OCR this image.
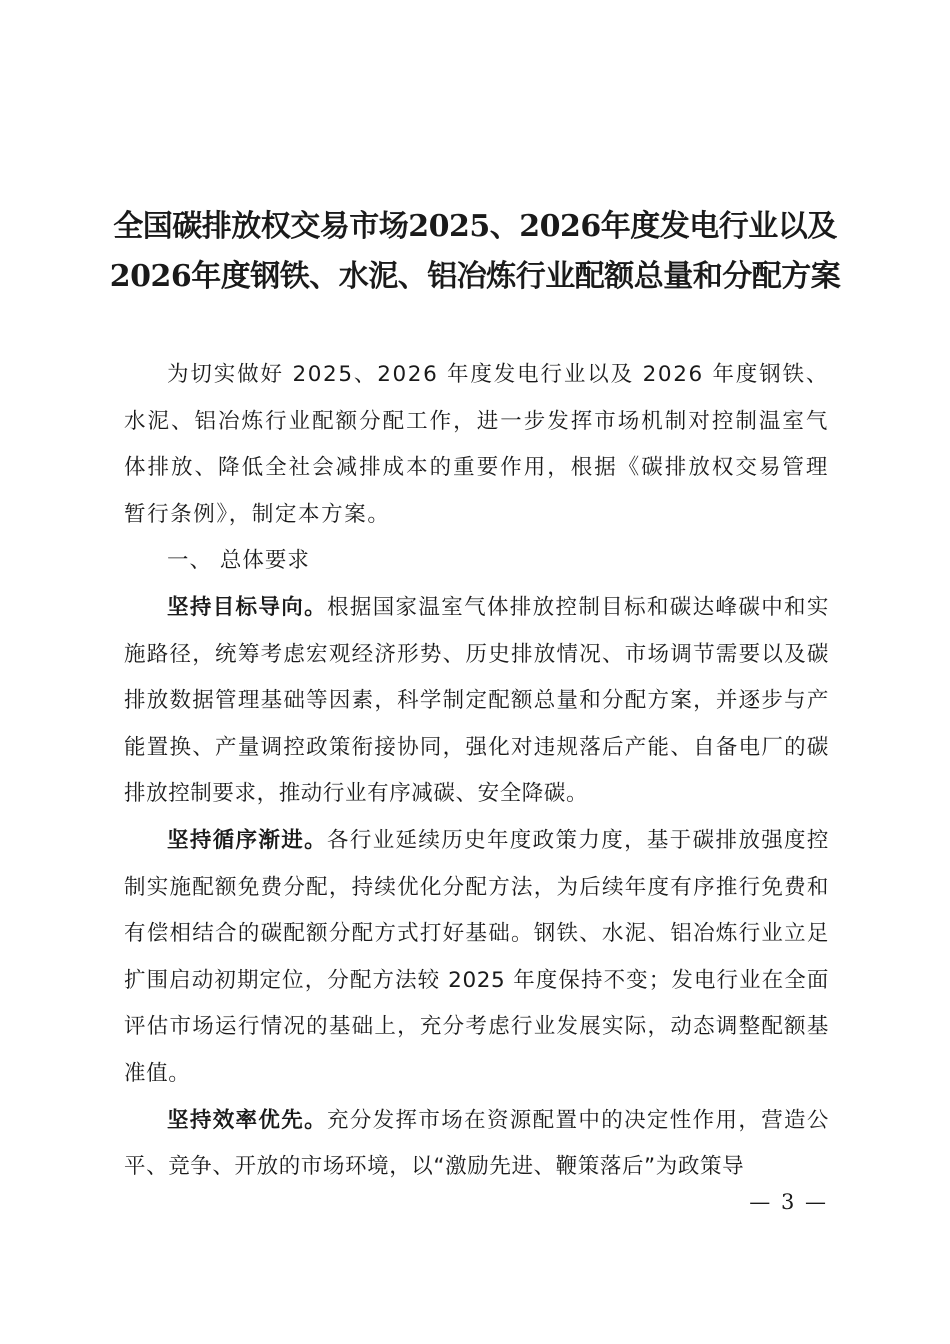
全国碳排放权交易市场2025、2026年度发电行业以及
2026年度钢铁、水泥、铝冶炼行业配额总量和分配方案

为切实做好 2025、2026 年度发电行业以及 2026 年度钢铁、水泥、铝冶炼行业配额分配工作，进一步发挥市场机制对控制温室气体排放、降低全社会减排成本的重要作用，根据《碳排放权交易管理暂行条例》，制定本方案。

一、 总体要求

坚持目标导向。根据国家温室气体排放控制目标和碳达峰碳中和实施路径，统筹考虑宏观经济形势、历史排放情况、市场调节需要以及碳排放数据管理基础等因素，科学制定配额总量和分配方案，并逐步与产能置换、产量调控政策衔接协同，强化对违规落后产能、自备电厂的碳排放控制要求，推动行业有序减碳、安全降碳。

坚持循序渐进。各行业延续历史年度政策力度，基于碳排放强度控制实施配额免费分配，持续优化分配方法，为后续年度有序推行免费和有偿相结合的碳配额分配方式打好基础。钢铁、水泥、铝冶炼行业立足扩围启动初期定位，分配方法较 2025 年度保持不变；发电行业在全面评估市场运行情况的基础上，充分考虑行业发展实际，动态调整配额基准值。

坚持效率优先。充分发挥市场在资源配置中的决定性作用，营造公平、竞争、开放的市场环境，以“激励先进、鞭策落后”为政策导

— 3 —
